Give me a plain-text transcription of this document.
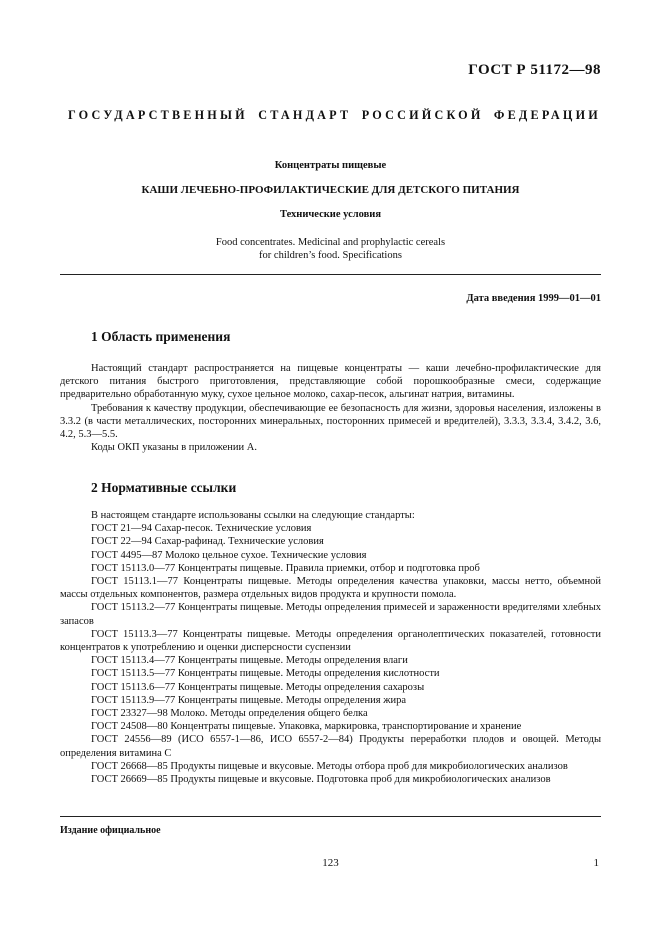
ГОСТ Р 51172—98
ГОСУДАРСТВЕННЫЙ СТАНДАРТ РОССИЙСКОЙ ФЕДЕРАЦИИ
Концентраты пищевые
КАШИ ЛЕЧЕБНО-ПРОФИЛАКТИЧЕСКИЕ ДЛЯ ДЕТСКОГО ПИТАНИЯ
Технические условия
Food concentrates. Medicinal and prophylactic cereals
for children’s food. Specifications
Дата введения 1999—01—01
1 Область применения

Настоящий стандарт распространяется на пищевые концентраты — каши лечебно-профилактические для детского питания быстрого приготовления, представляющие собой порошкообразные смеси, содержащие предварительно обработанную муку, сухое цельное молоко, сахар-песок, альгинат натрия, витамины.

Требования к качеству продукции, обеспечивающие ее безопасность для жизни, здоровья населения, изложены в 3.3.2 (в части металлических, посторонних минеральных, посторонних примесей и вредителей), 3.3.3, 3.3.4, 3.4.2, 3.6, 4.2, 5.3—5.5.

Коды ОКП указаны в приложении А.

2 Нормативные ссылки

В настоящем стандарте использованы ссылки на следующие стандарты:

ГОСТ 21—94 Сахар-песок. Технические условия

ГОСТ 22—94 Сахар-рафинад. Технические условия

ГОСТ 4495—87 Молоко цельное сухое. Технические условия

ГОСТ 15113.0—77 Концентраты пищевые. Правила приемки, отбор и подготовка проб

ГОСТ 15113.1—77 Концентраты пищевые. Методы определения качества упаковки, массы нетто, объемной массы отдельных компонентов, размера отдельных видов продукта и крупности помола.

ГОСТ 15113.2—77 Концентраты пищевые. Методы определения примесей и зараженности вредителями хлебных запасов

ГОСТ 15113.3—77 Концентраты пищевые. Методы определения органолептических показателей, готовности концентратов к употреблению и оценки дисперсности суспензии

ГОСТ 15113.4—77 Концентраты пищевые. Методы определения влаги

ГОСТ 15113.5—77 Концентраты пищевые. Методы определения кислотности

ГОСТ 15113.6—77 Концентраты пищевые. Методы определения сахарозы

ГОСТ 15113.9—77 Концентраты пищевые. Методы определения жира

ГОСТ 23327—98 Молоко. Методы определения общего белка

ГОСТ 24508—80 Концентраты пищевые. Упаковка, маркировка, транспортирование и хранение

ГОСТ 24556—89 (ИСО 6557-1—86, ИСО 6557-2—84) Продукты переработки плодов и овощей. Методы определения витамина С

ГОСТ 26668—85 Продукты пищевые и вкусовые. Методы отбора проб для микробиологических анализов

ГОСТ 26669—85 Продукты пищевые и вкусовые. Подготовка проб для микробиологических анализов

Издание официальное
123	1
